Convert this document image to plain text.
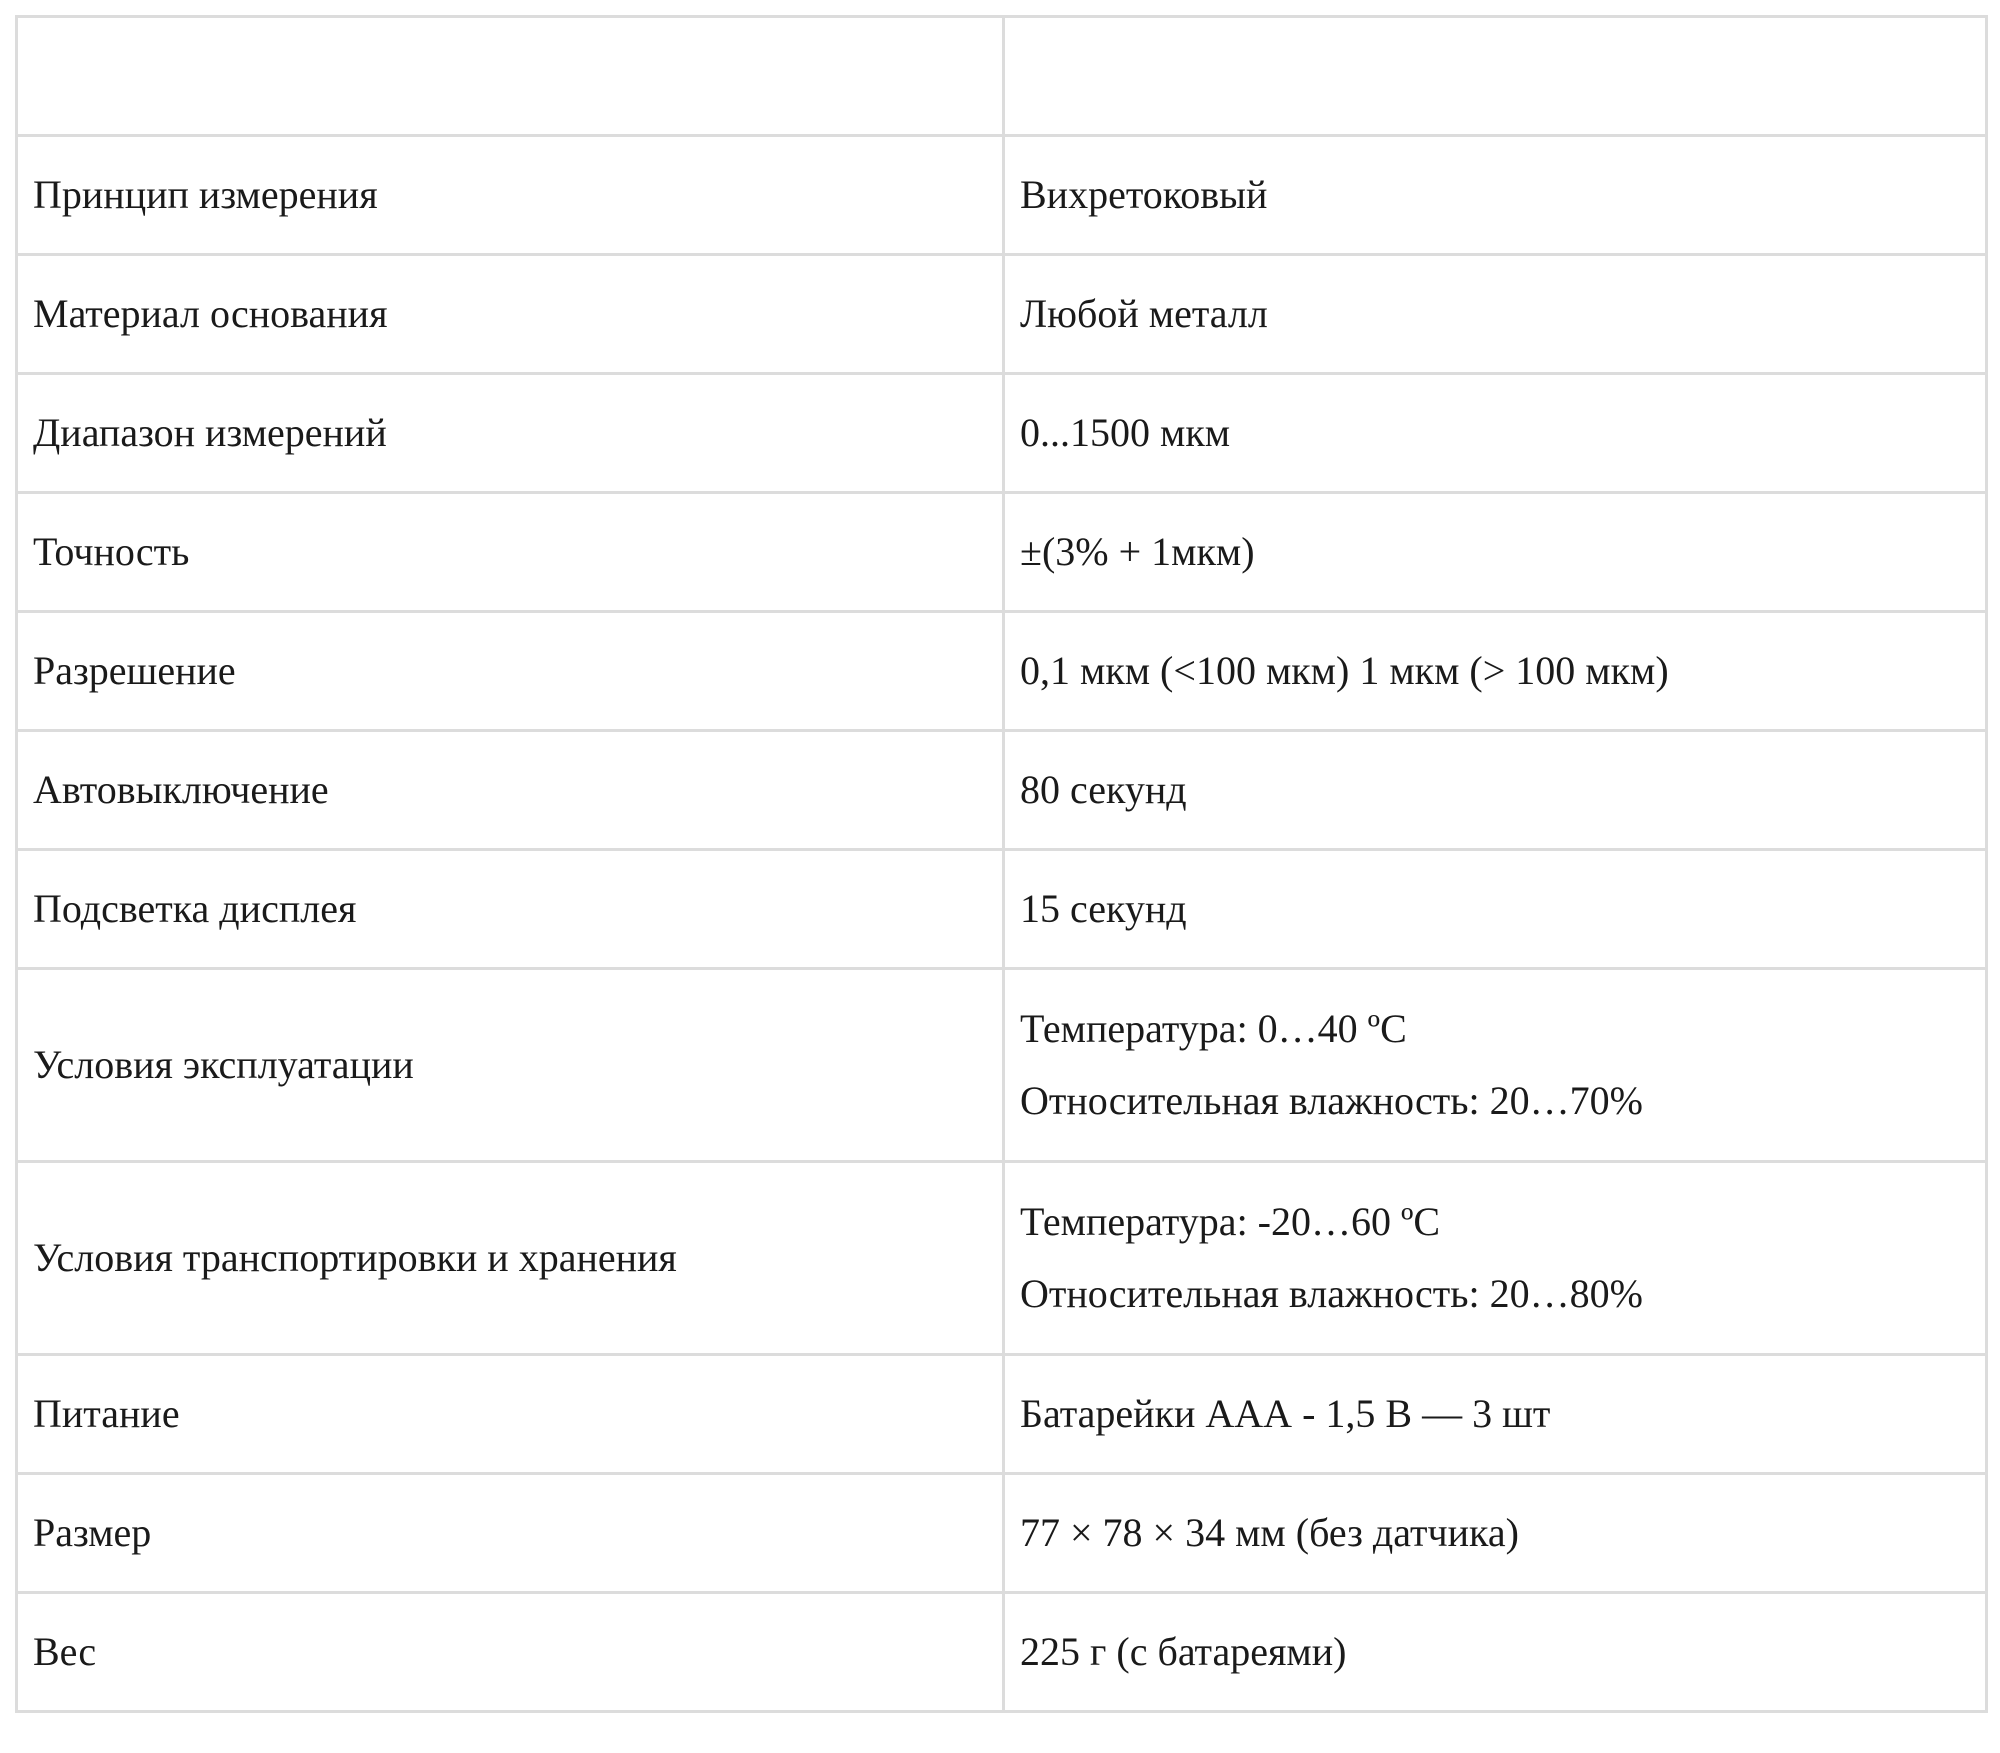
Принцип измерения	Вихретоковый

Материал основания	Любой металл

Диапазон измерений	0...1500 мкм

Точность	±(3% + 1мкм)

Разрешение	0,1 мкм (<100 мкм) 1 мкм (> 100 мкм)

Автовыключение	80 секунд

Подсветка дисплея	15 секунд

Условия эксплуатации	Температура: 0…40 ºС
Относительная влажность: 20…70%

Условия транспортировки и хранения	Температура: -20…60 ºС
Относительная влажность: 20…80%

Питание	Батарейки ААА - 1,5 В — 3 шт

Размер	77 × 78 × 34 мм (без датчика)

Вес	225 г (с батареями)
